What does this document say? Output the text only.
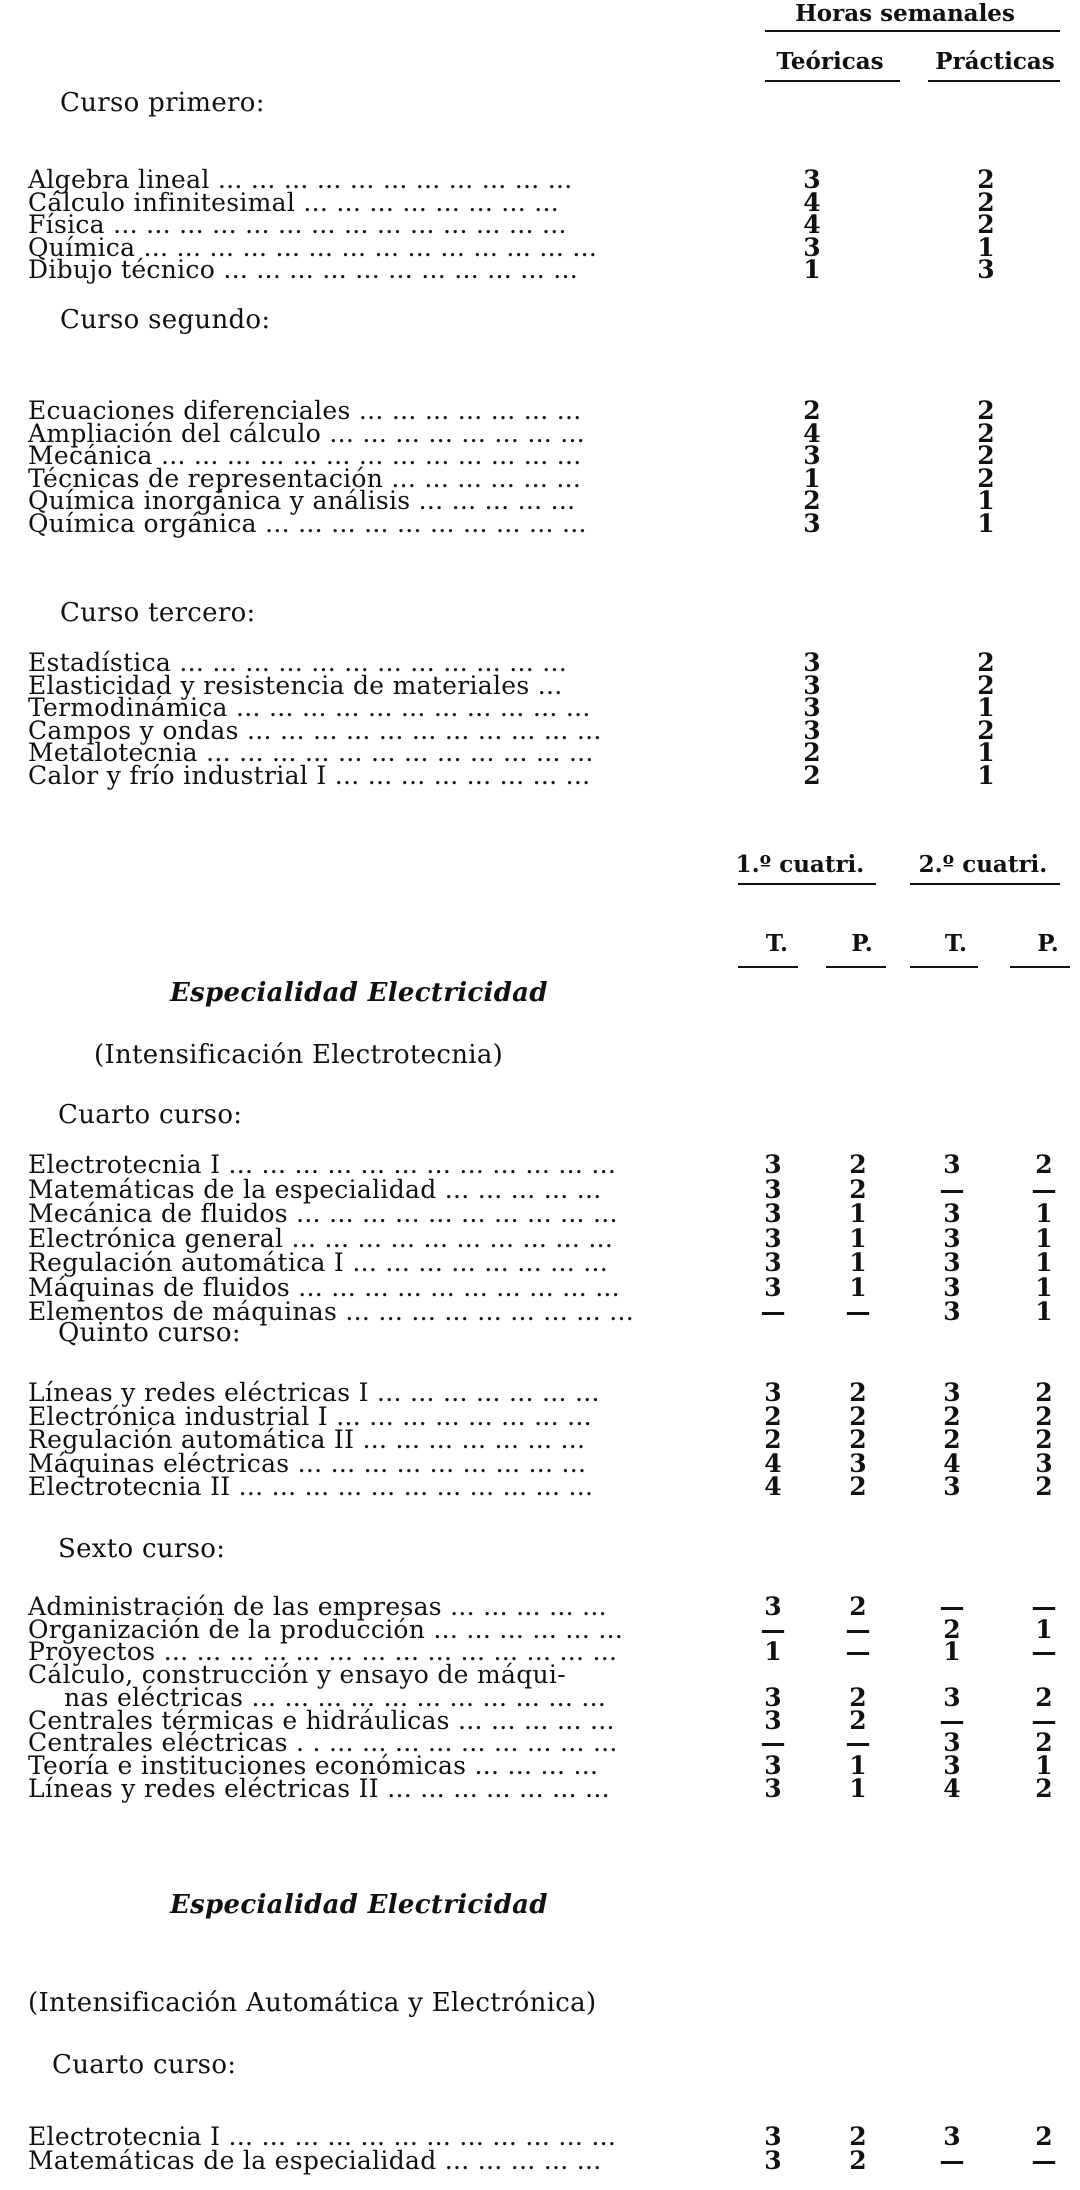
Horas semanales
Teóricas	Prácticas
Curso primero:
Algebra lineal ... ... ... ... ... ... ... ... ... ... ...	3	2
Cálculo infinitesimal ... ... ... ... ... ... ... ...	4	2
Física ... ... ... ... ... ... ... ... ... ... ... ... ... ...	4	2
Química ... ... ... ... ... ... ... ... ... ... ... ... ... ...	3	1
Dibujo técnico ... ... ... ... ... ... ... ... ... ... ...	1	3
Curso segundo:
Ecuaciones diferenciales ... ... ... ... ... ... ...	2	2
Ampliación del cálculo ... ... ... ... ... ... ... ...	4	2
Mecánica ... ... ... ... ... ... ... ... ... ... ... ... ...	3	2
Técnicas de representación ... ... ... ... ... ...	1	2
Química inorgánica y análisis ... ... ... ... ...	2	1
Química orgánica ... ... ... ... ... ... ... ... ... ...	3	1
Curso tercero:
Estadística ... ... ... ... ... ... ... ... ... ... ... ...	3	2
Elasticidad y resistencia de materiales ...	3	2
Termodinámica ... ... ... ... ... ... ... ... ... ... ...	3	1
Campos y ondas ... ... ... ... ... ... ... ... ... ... ...	3	2
Metalotecnia ... ... ... ... ... ... ... ... ... ... ... ...	2	1
Calor y frío industrial I ... ... ... ... ... ... ... ...	2	1
1.º cuatri.	2.º cuatri.
T.	P.	T.	P.
Especialidad Electricidad
(Intensificación Electrotecnia)
Especialidad Electricidad
(Intensificación Automática y Electrónica)
Cuarto curso:
Electrotecnia I ... ... ... ... ... ... ... ... ... ... ... ...	3	2	3	2
Matemáticas de la especialidad ... ... ... ... ...	3	2	—	—
Mecánica de fluidos ... ... ... ... ... ... ... ... ... ...	3	1	3	1
Electrónica general ... ... ... ... ... ... ... ... ... ...	3	1	3	1
Regulación automática I ... ... ... ... ... ... ... ...	3	1	3	1
Máquinas de fluidos ... ... ... ... ... ... ... ... ... ...	3	1	3	1
Elementos de máquinas ... ... ... ... ... ... ... ... ...	—	—	3	1
Quinto curso:
Líneas y redes eléctricas I ... ... ... ... ... ... ...	3	2	3	2
Electrónica industrial I ... ... ... ... ... ... ... ...	2	2	2	2
Regulación automática II ... ... ... ... ... ... ...	2	2	2	2
Máquinas eléctricas ... ... ... ... ... ... ... ... ...	4	3	4	3
Electrotecnia II ... ... ... ... ... ... ... ... ... ... ...	4	2	3	2
Sexto curso:
Administración de las empresas ... ... ... ... ...	3	2	—	—
Organización de la producción ... ... ... ... ... ...	—	—	2	1
Proyectos ... ... ... ... ... ... ... ... ... ... ... ... ... ...	1	—	1	—
Cálculo, construcción y ensayo de máqui-
nas eléctricas ... ... ... ... ... ... ... ... ... ... ...	3	2	3	2
Centrales térmicas e hidráulicas ... ... ... ... ...	3	2	—	—
Centrales eléctricas . . ... ... ... ... ... ... ... ... ...	—	—	3	2
Teoría e instituciones económicas ... ... ... ...	3	1	3	1
Líneas y redes eléctricas II ... ... ... ... ... ... ...	3	1	4	2
Cuarto curso:
Electrotecnia I ... ... ... ... ... ... ... ... ... ... ... ...	3	2	3	2
Matemáticas de la especialidad ... ... ... ... ...	3	2	—	—
